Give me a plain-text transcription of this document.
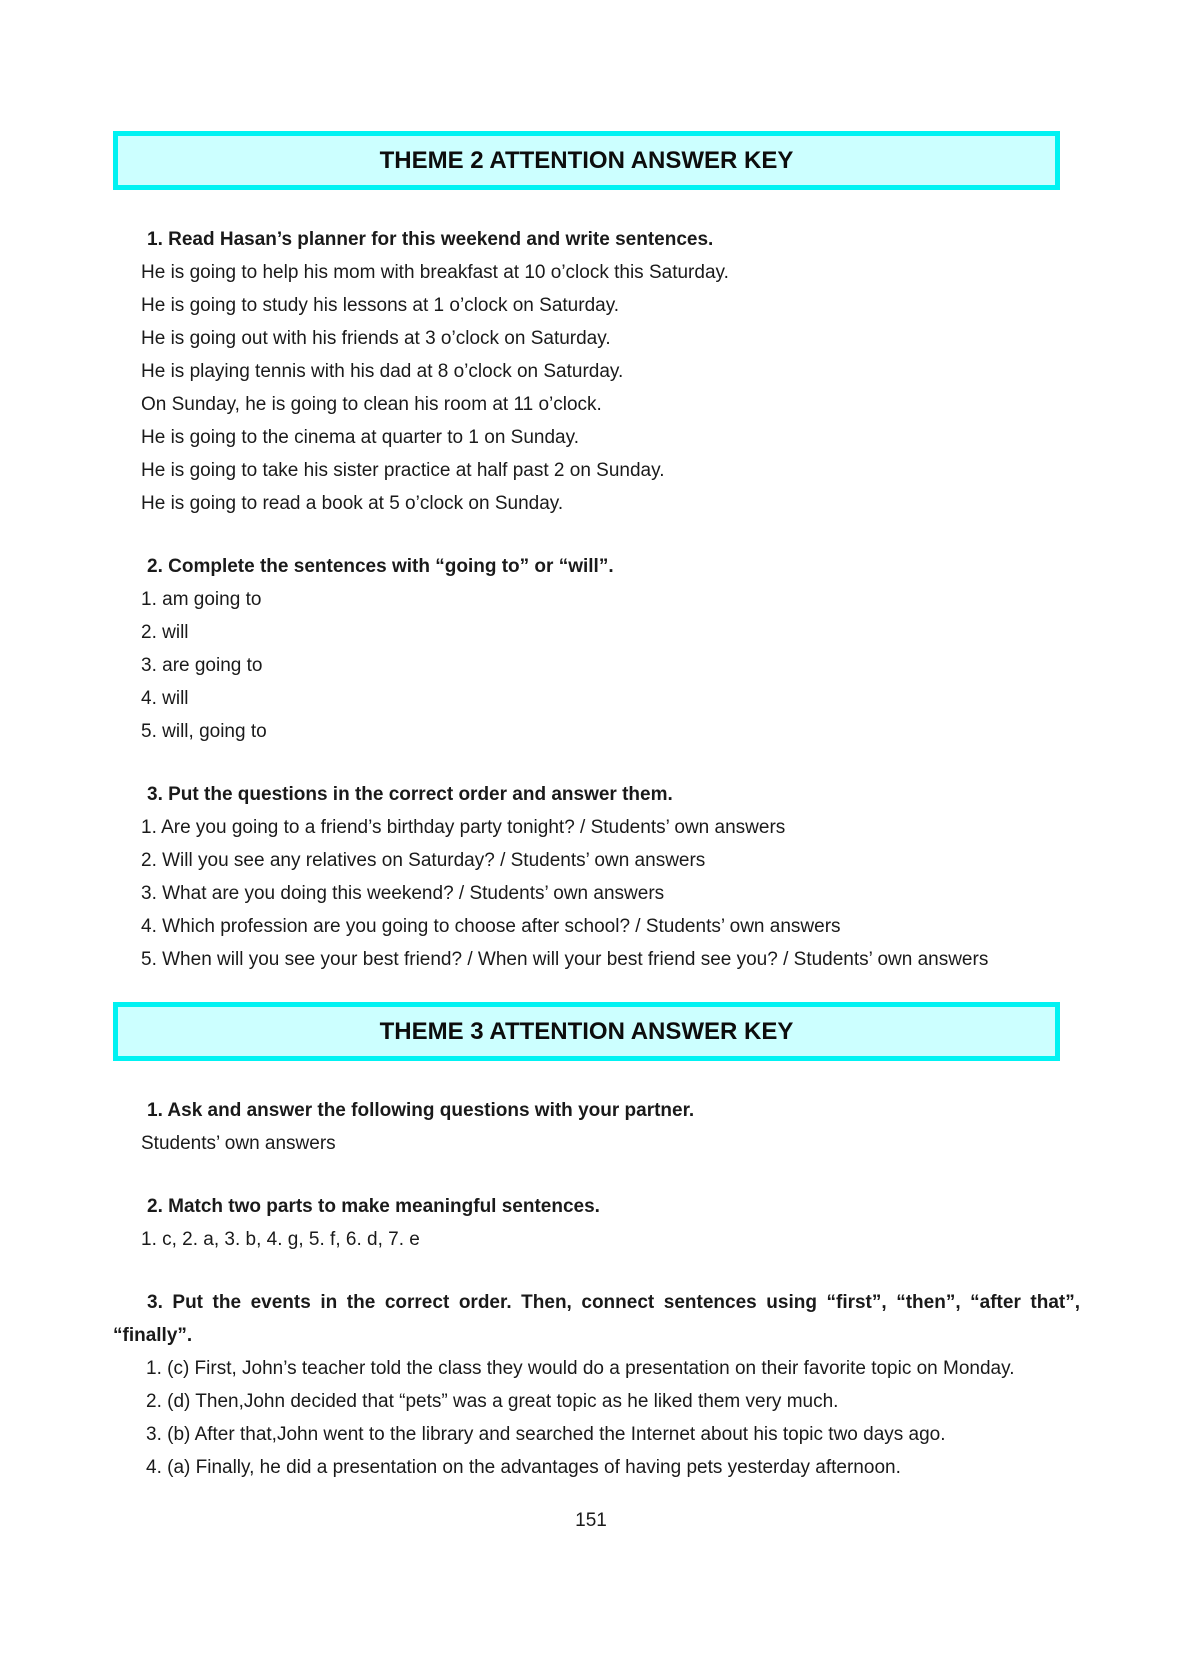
THEME 2 ATTENTION ANSWER KEY

1. Read Hasan’s planner for this weekend and write sentences.

He is going to help his mom with breakfast at 10 o’clock this Saturday.

He is going to study his lessons at 1 o’clock on Saturday.

He is going out with his friends at 3 o’clock on Saturday.

He is playing tennis with his dad at 8 o’clock on Saturday.

On Sunday, he is going to clean his room at 11 o’clock.

He is going to the cinema at quarter to 1 on Sunday.

He is going to take his sister practice at half past 2 on Sunday.

He is going to read a book at 5 o’clock on Sunday.

2. Complete the sentences with “going to” or “will”.

1. am going to

2. will

3. are going to

4. will

5. will, going to

3. Put the questions in the correct order and answer them.

1. Are you going to a friend’s birthday party tonight? / Students’ own answers

2. Will you see any relatives on Saturday? / Students’ own answers

3. What are you doing this weekend? / Students’ own answers

4. Which profession are you going to choose after school? / Students’ own answers

5. When will you see your best friend? / When will your best friend see you? / Students’ own answers

THEME 3 ATTENTION ANSWER KEY

1. Ask and answer the following questions with your partner.

Students’ own answers

2. Match two parts to make meaningful sentences.

1. c, 2. a, 3. b, 4. g, 5. f, 6. d, 7. e

3. Put the events in the correct order. Then, connect sentences using “first”, “then”, “after that”, “finally”.

1. (c) First, John’s teacher told the class they would do a presentation on their favorite topic on Monday.

2. (d) Then,John decided that “pets” was a great topic as he liked them very much.

3. (b) After that,John went to the library and searched the Internet about his topic two days ago.

4. (a) Finally, he did a presentation on the advantages of having pets yesterday afternoon.

151
